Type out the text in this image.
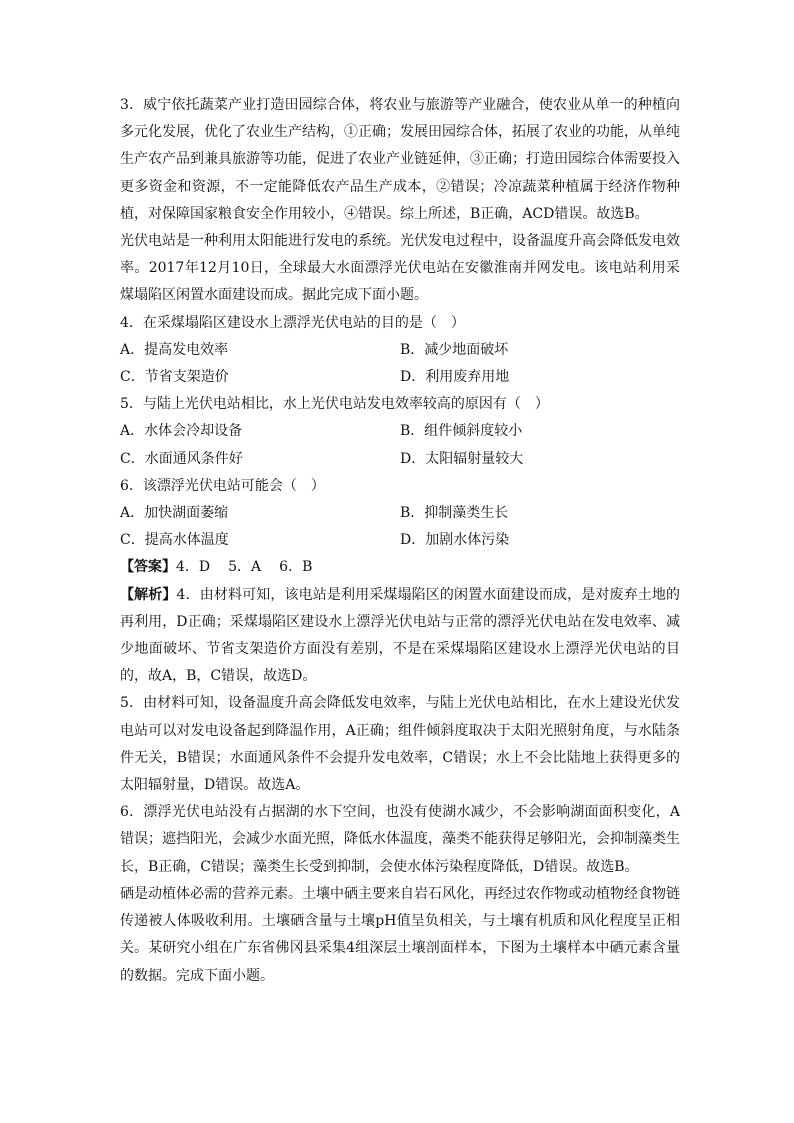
3．威宁依托蔬菜产业打造田园综合体，将农业与旅游等产业融合，使农业从单一的种植向多元化发展，优化了农业生产结构，①正确；发展田园综合体，拓展了农业的功能，从单纯生产农产品到兼具旅游等功能，促进了农业产业链延伸，③正确；打造田园综合体需要投入更多资金和资源，不一定能降低农产品生产成本，②错误；冷凉蔬菜种植属于经济作物种植，对保障国家粮食安全作用较小，④错误。综上所述，B正确，ACD错误。故选B。

光伏电站是一种利用太阳能进行发电的系统。光伏发电过程中，设备温度升高会降低发电效率。2017年12月10日，全球最大水面漂浮光伏电站在安徽淮南并网发电。该电站利用采煤塌陷区闲置水面建设而成。据此完成下面小题。

4．在采煤塌陷区建设水上漂浮光伏电站的目的是（　）

A．提高发电效率	B．减少地面破坏
C．节省支架造价	D．利用废弃用地

5．与陆上光伏电站相比，水上光伏电站发电效率较高的原因有（　）

A．水体会冷却设备	B．组件倾斜度较小
C．水面通风条件好	D．太阳辐射量较大

6．该漂浮光伏电站可能会（　）

A．加快湖面萎缩	B．抑制藻类生长
C．提高水体温度	D．加剧水体污染

【答案】4．D 5．A 6．B

【解析】4．由材料可知，该电站是利用采煤塌陷区的闲置水面建设而成，是对废弃土地的再利用，D正确；采煤塌陷区建设水上漂浮光伏电站与正常的漂浮光伏电站在发电效率、减少地面破坏、节省支架造价方面没有差别，不是在采煤塌陷区建设水上漂浮光伏电站的目的，故A，B，C错误，故选D。

5．由材料可知，设备温度升高会降低发电效率，与陆上光伏电站相比，在水上建设光伏发电站可以对发电设备起到降温作用，A正确；组件倾斜度取决于太阳光照射角度，与水陆条件无关，B错误；水面通风条件不会提升发电效率，C错误；水上不会比陆地上获得更多的太阳辐射量，D错误。故选A。

6．漂浮光伏电站没有占据湖的水下空间，也没有使湖水减少，不会影响湖面面积变化，A错误；遮挡阳光，会减少水面光照，降低水体温度，藻类不能获得足够阳光，会抑制藻类生长，B正确，C错误；藻类生长受到抑制，会使水体污染程度降低，D错误。故选B。

硒是动植体必需的营养元素。土壤中硒主要来自岩石风化，再经过农作物或动植物经食物链传递被人体吸收利用。土壤硒含量与土壤pH值呈负相关，与土壤有机质和风化程度呈正相关。某研究小组在广东省佛冈县采集4组深层土壤剖面样本，下图为土壤样本中硒元素含量的数据。完成下面小题。
